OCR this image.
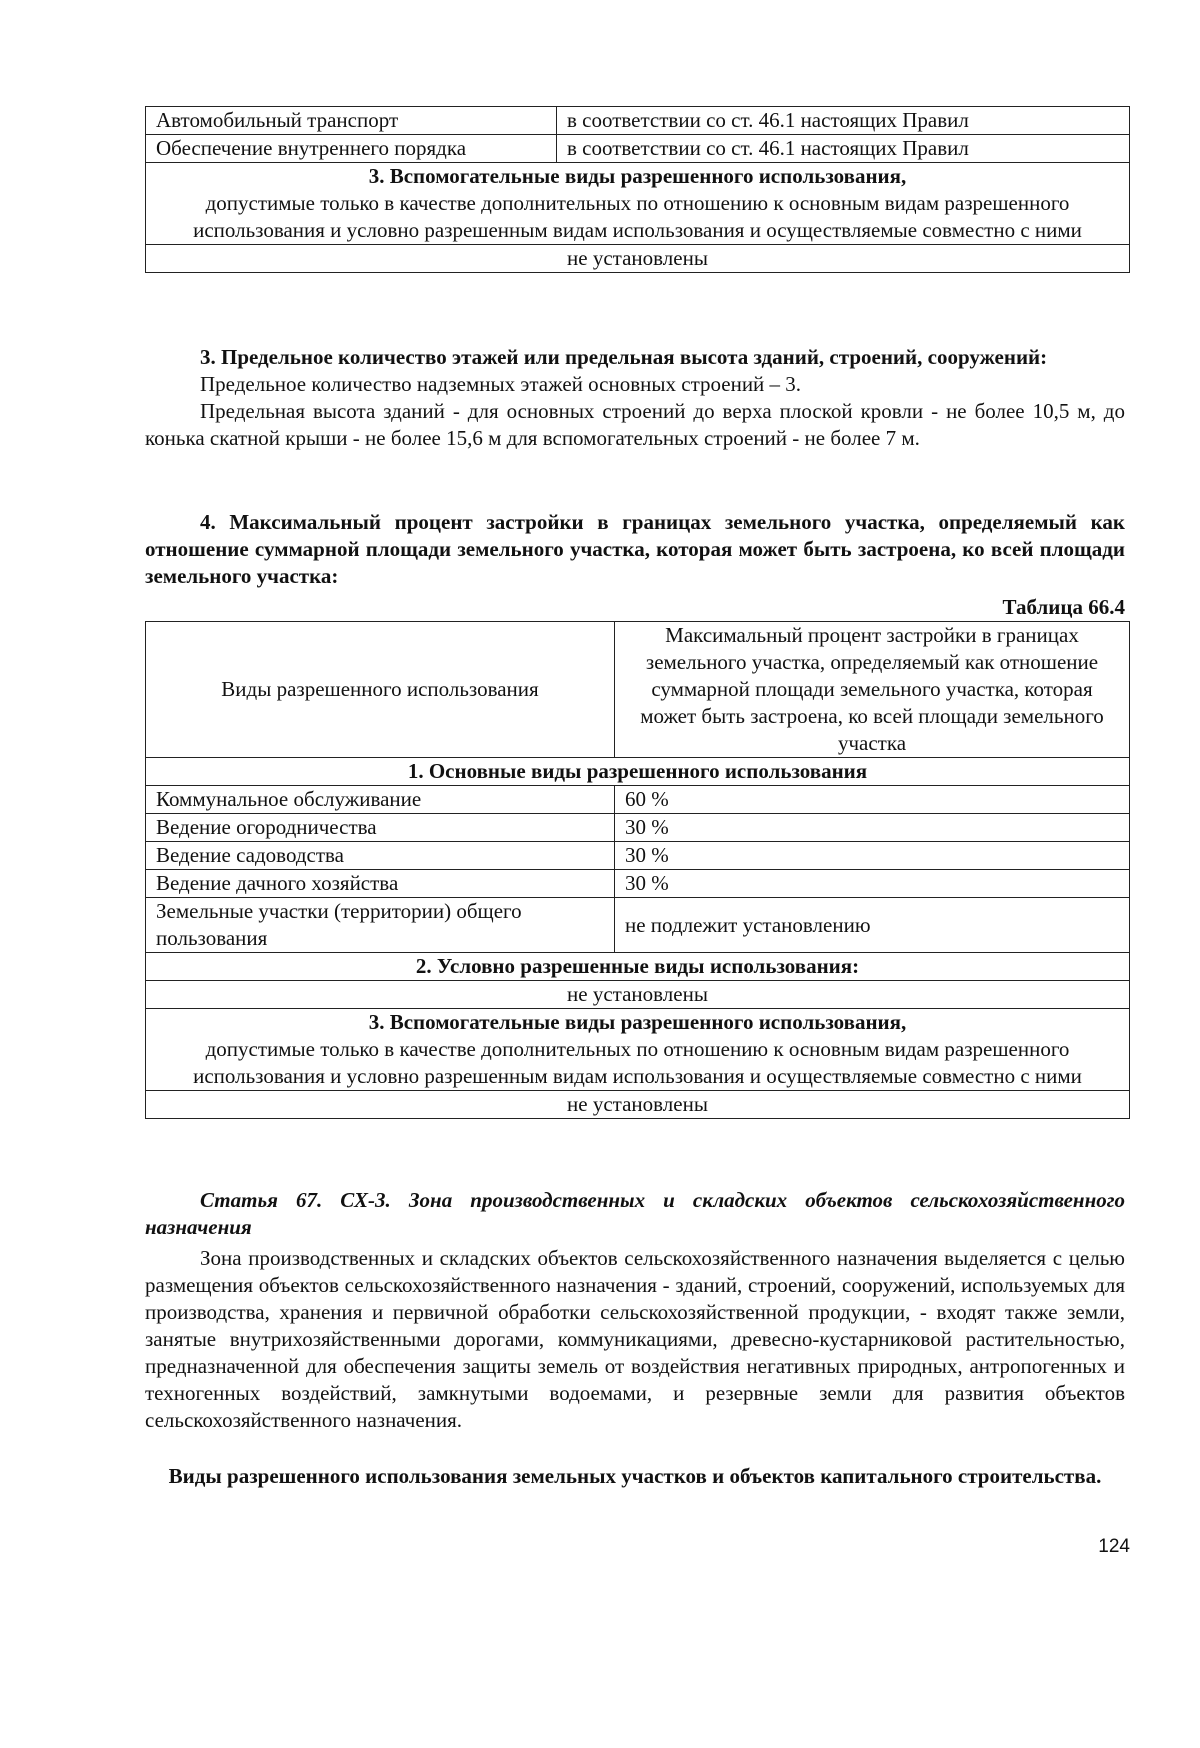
Автомобильный транспорт	в соответствии со ст. 46.1 настоящих Правил
Обеспечение внутреннего порядка	в соответствии со ст. 46.1 настоящих Правил
3. Вспомогательные виды разрешенного использования,
допустимые только в качестве дополнительных по отношению к основным видам разрешенного использования и условно разрешенным видам использования и осуществляемые совместно с ними	

не установлены	
3. Предельное количество этажей или предельная высота зданий, строений, сооружений:
Предельное количество надземных этажей основных строений – 3.
Предельная высота зданий - для основных строений до верха плоской кровли - не более 10,5 м, до конька скатной крыши - не более 15,6 м для вспомогательных строений - не более 7 м.
4. Максимальный процент застройки в границах земельного участка, определяемый как отношение суммарной площади земельного участка, которая может быть застроена, ко всей площади земельного участка:
Таблица 66.4
Виды разрешенного использования	Максимальный процент застройки в границах земельного участка, определяемый как отношение суммарной площади земельного участка, которая может быть застроена, ко всей площади земельного участка
1. Основные виды разрешенного использования	
Коммунальное обслуживание	60 %
Ведение огородничества	30 %
Ведение садоводства	30 %
Ведение дачного хозяйства	30 %
Земельные участки (территории) общего пользования	не подлежит установлению
2. Условно разрешенные виды использования:	
не установлены	
3. Вспомогательные виды разрешенного использования,
допустимые только в качестве дополнительных по отношению к основным видам разрешенного использования и условно разрешенным видам использования и осуществляемые совместно с ними	

не установлены	
Статья 67. СХ-3. Зона производственных и складских объектов сельскохозяйственного назначения
Зона производственных и складских объектов сельскохозяйственного назначения выделяется с целью размещения объектов сельскохозяйственного назначения - зданий, строений, сооружений, используемых для производства, хранения и первичной обработки сельскохозяйственной продукции, - входят также земли, занятые внутрихозяйственными дорогами, коммуникациями, древесно-кустарниковой растительностью, предназначенной для обеспечения защиты земель от воздействия негативных природных, антропогенных и техногенных воздействий, замкнутыми водоемами, и резервные земли для развития объектов сельскохозяйственного назначения.
Виды разрешенного использования земельных участков и объектов капитального строительства.
124
